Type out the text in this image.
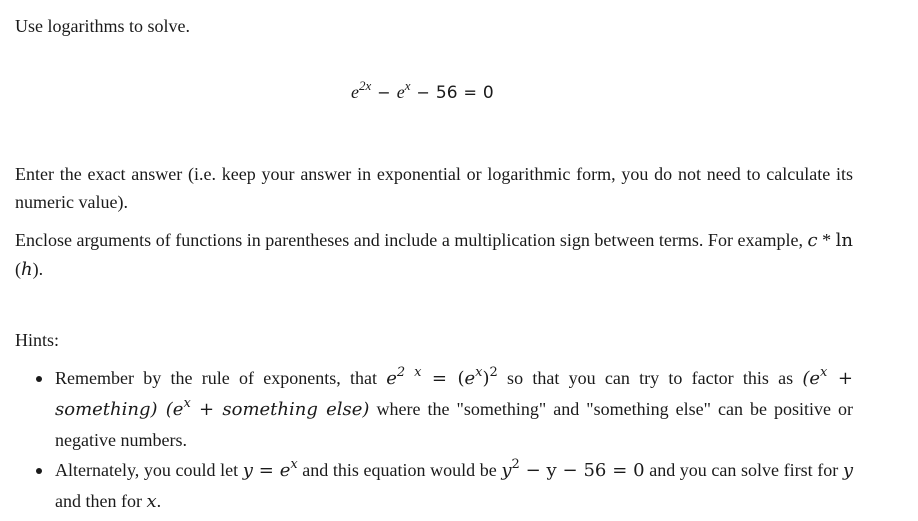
Use logarithms to solve.
$e^{2x} - e^x - 56 = 0$
Enter the exact answer (i.e. keep your answer in exponential or logarithmic form, you do not need to calculate its numeric value).
Enclose arguments of functions in parentheses and include a multiplication sign between terms. For example, c * ln (h).
Hints:
Remember by the rule of exponents, that $e^{2 x} = (e^x)^2$ so that you can try to factor this as ($e^x$ + something) ($e^x$ + something else) where the "something" and "something else" can be positive or negative numbers.
Alternately, you could let $y = e^x$ and this equation would be $y^2 - y - 56 = 0$ and you can solve first for y and then for x.
